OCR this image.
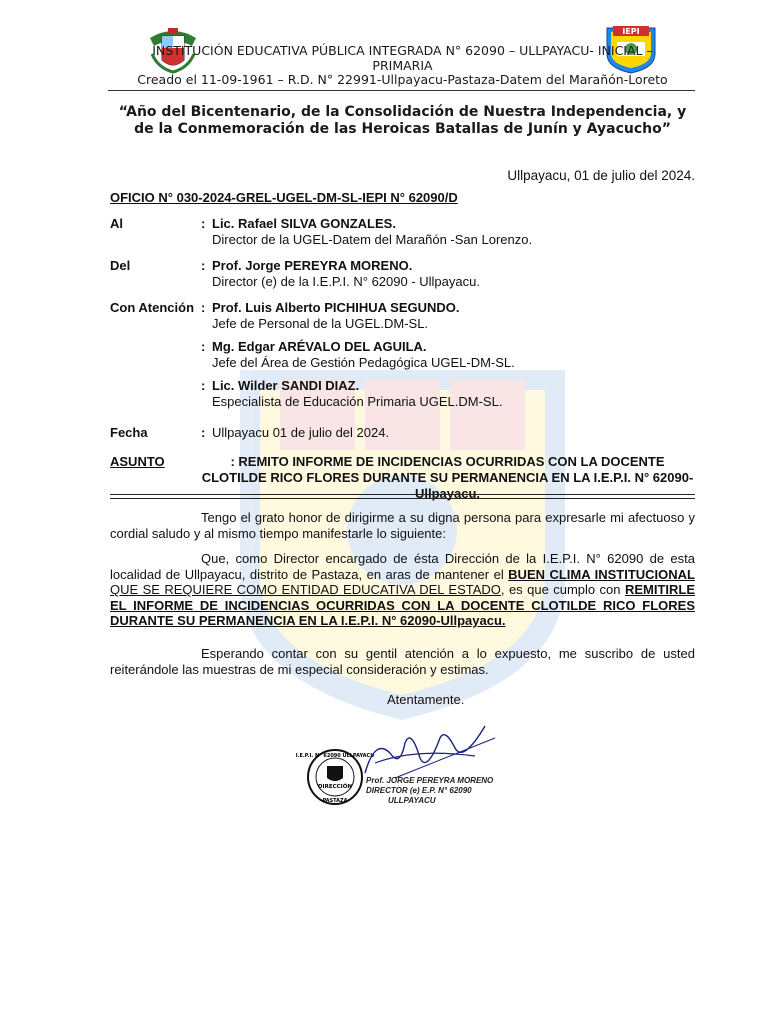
IEPI
INSTITUCIÓN EDUCATIVA PÚBLICA INTEGRADA N° 62090 – ULLPAYACU- INICIAL –
PRIMARIA
Creado el 11-09-1961 – R.D. N° 22991-Ullpayacu-Pastaza-Datem del Marañón-Loreto
“Año del Bicentenario, de la Consolidación de Nuestra Independencia, y
de la Conmemoración de las Heroicas Batallas de Junín y Ayacucho”
Ullpayacu, 01 de julio del 2024.
OFICIO N° 030-2024-GREL-UGEL-DM-SL-IEPI N° 62090/D
Al	: Lic. Rafael SILVA GONZALES.
Director de la UGEL-Datem del Marañón -San Lorenzo.
Del	: Prof. Jorge PEREYRA MORENO.
Director (e) de la I.E.P.I. N° 62090 - Ullpayacu.
Con Atención : Prof. Luis Alberto PICHIHUA SEGUNDO.
Jefe de Personal de la UGEL.DM-SL.
: Mg. Edgar ARÉVALO DEL AGUILA.
Jefe del Área de Gestión Pedagógica UGEL-DM-SL.
: Lic. Wilder SANDI DIAZ.
Especialista de Educación Primaria UGEL.DM-SL.
Fecha	: Ullpayacu 01 de julio del 2024.
ASUNTO	: REMITO INFORME DE INCIDENCIAS OCURRIDAS CON LA DOCENTE CLOTILDE RICO FLORES DURANTE SU PERMANENCIA EN LA I.E.P.I. N° 62090-Ullpayacu.
Tengo el grato honor de dirigirme a su digna persona para expresarle mi afectuoso y cordial saludo y al mismo tiempo manifestarle lo siguiente:
Que, como Director encargado de ésta Dirección de la I.E.P.I. N° 62090 de esta localidad de Ullpayacu, distrito de Pastaza, en aras de mantener el BUEN CLIMA INSTITUCIONAL QUE SE REQUIERE COMO ENTIDAD EDUCATIVA DEL ESTADO, es que cumplo con REMITIRLE EL INFORME DE INCIDENCIAS OCURRIDAS CON LA DOCENTE CLOTILDE RICO FLORES DURANTE SU PERMANENCIA EN LA I.E.P.I. N° 62090-Ullpayacu.
Esperando contar con su gentil atención a lo expuesto, me suscribo de usted reiterándole las muestras de mi especial consideración y estimas.
Atentamente.
I.E.P.I. N° 62090 ULLPAYACU
DIRECCIÓN
PASTAZA
Prof. JORGE PEREYRA MORENO
DIRECTOR (e) E.P. N° 62090
ULLPAYACU
